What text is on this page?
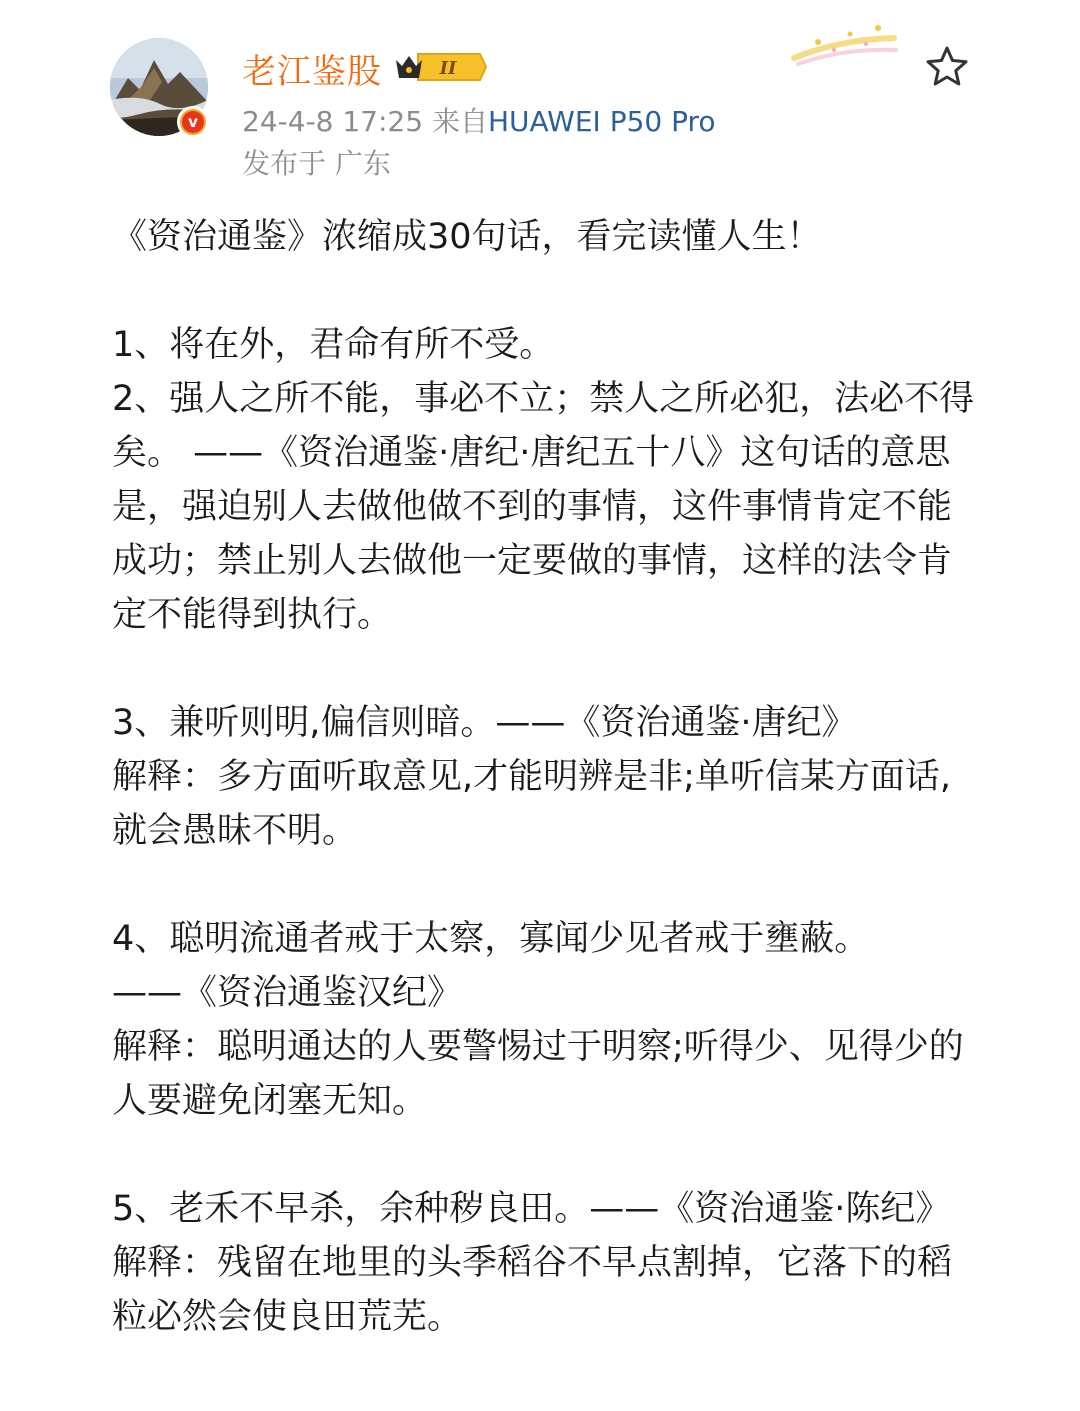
v
老江鉴股	II
24-4-8 17:25 来自HUAWEI P50 Pro
发布于 广东

《资治通鉴》浓缩成30句话，看完读懂人生！

1、将在外，君命有所不受。

2、强人之所不能，事必不立；禁人之所必犯，法必不得矣。 ——《资治通鉴·唐纪·唐纪五十八》这句话的意思是，强迫别人去做他做不到的事情，这件事情肯定不能成功；禁止别人去做他一定要做的事情，这样的法令肯定不能得到执行。

3、兼听则明,偏信则暗。——《资治通鉴·唐纪》

解释：多方面听取意见,才能明辨是非;单听信某方面话,就会愚昧不明。

4、聪明流通者戒于太察，寡闻少见者戒于壅蔽。

——《资治通鉴汉纪》

解释：聪明通达的人要警惕过于明察;听得少、见得少的人要避免闭塞无知。

5、老禾不早杀，余种秽良田。——《资治通鉴·陈纪》

解释：残留在地里的头季稻谷不早点割掉，它落下的稻粒必然会使良田荒芜。
